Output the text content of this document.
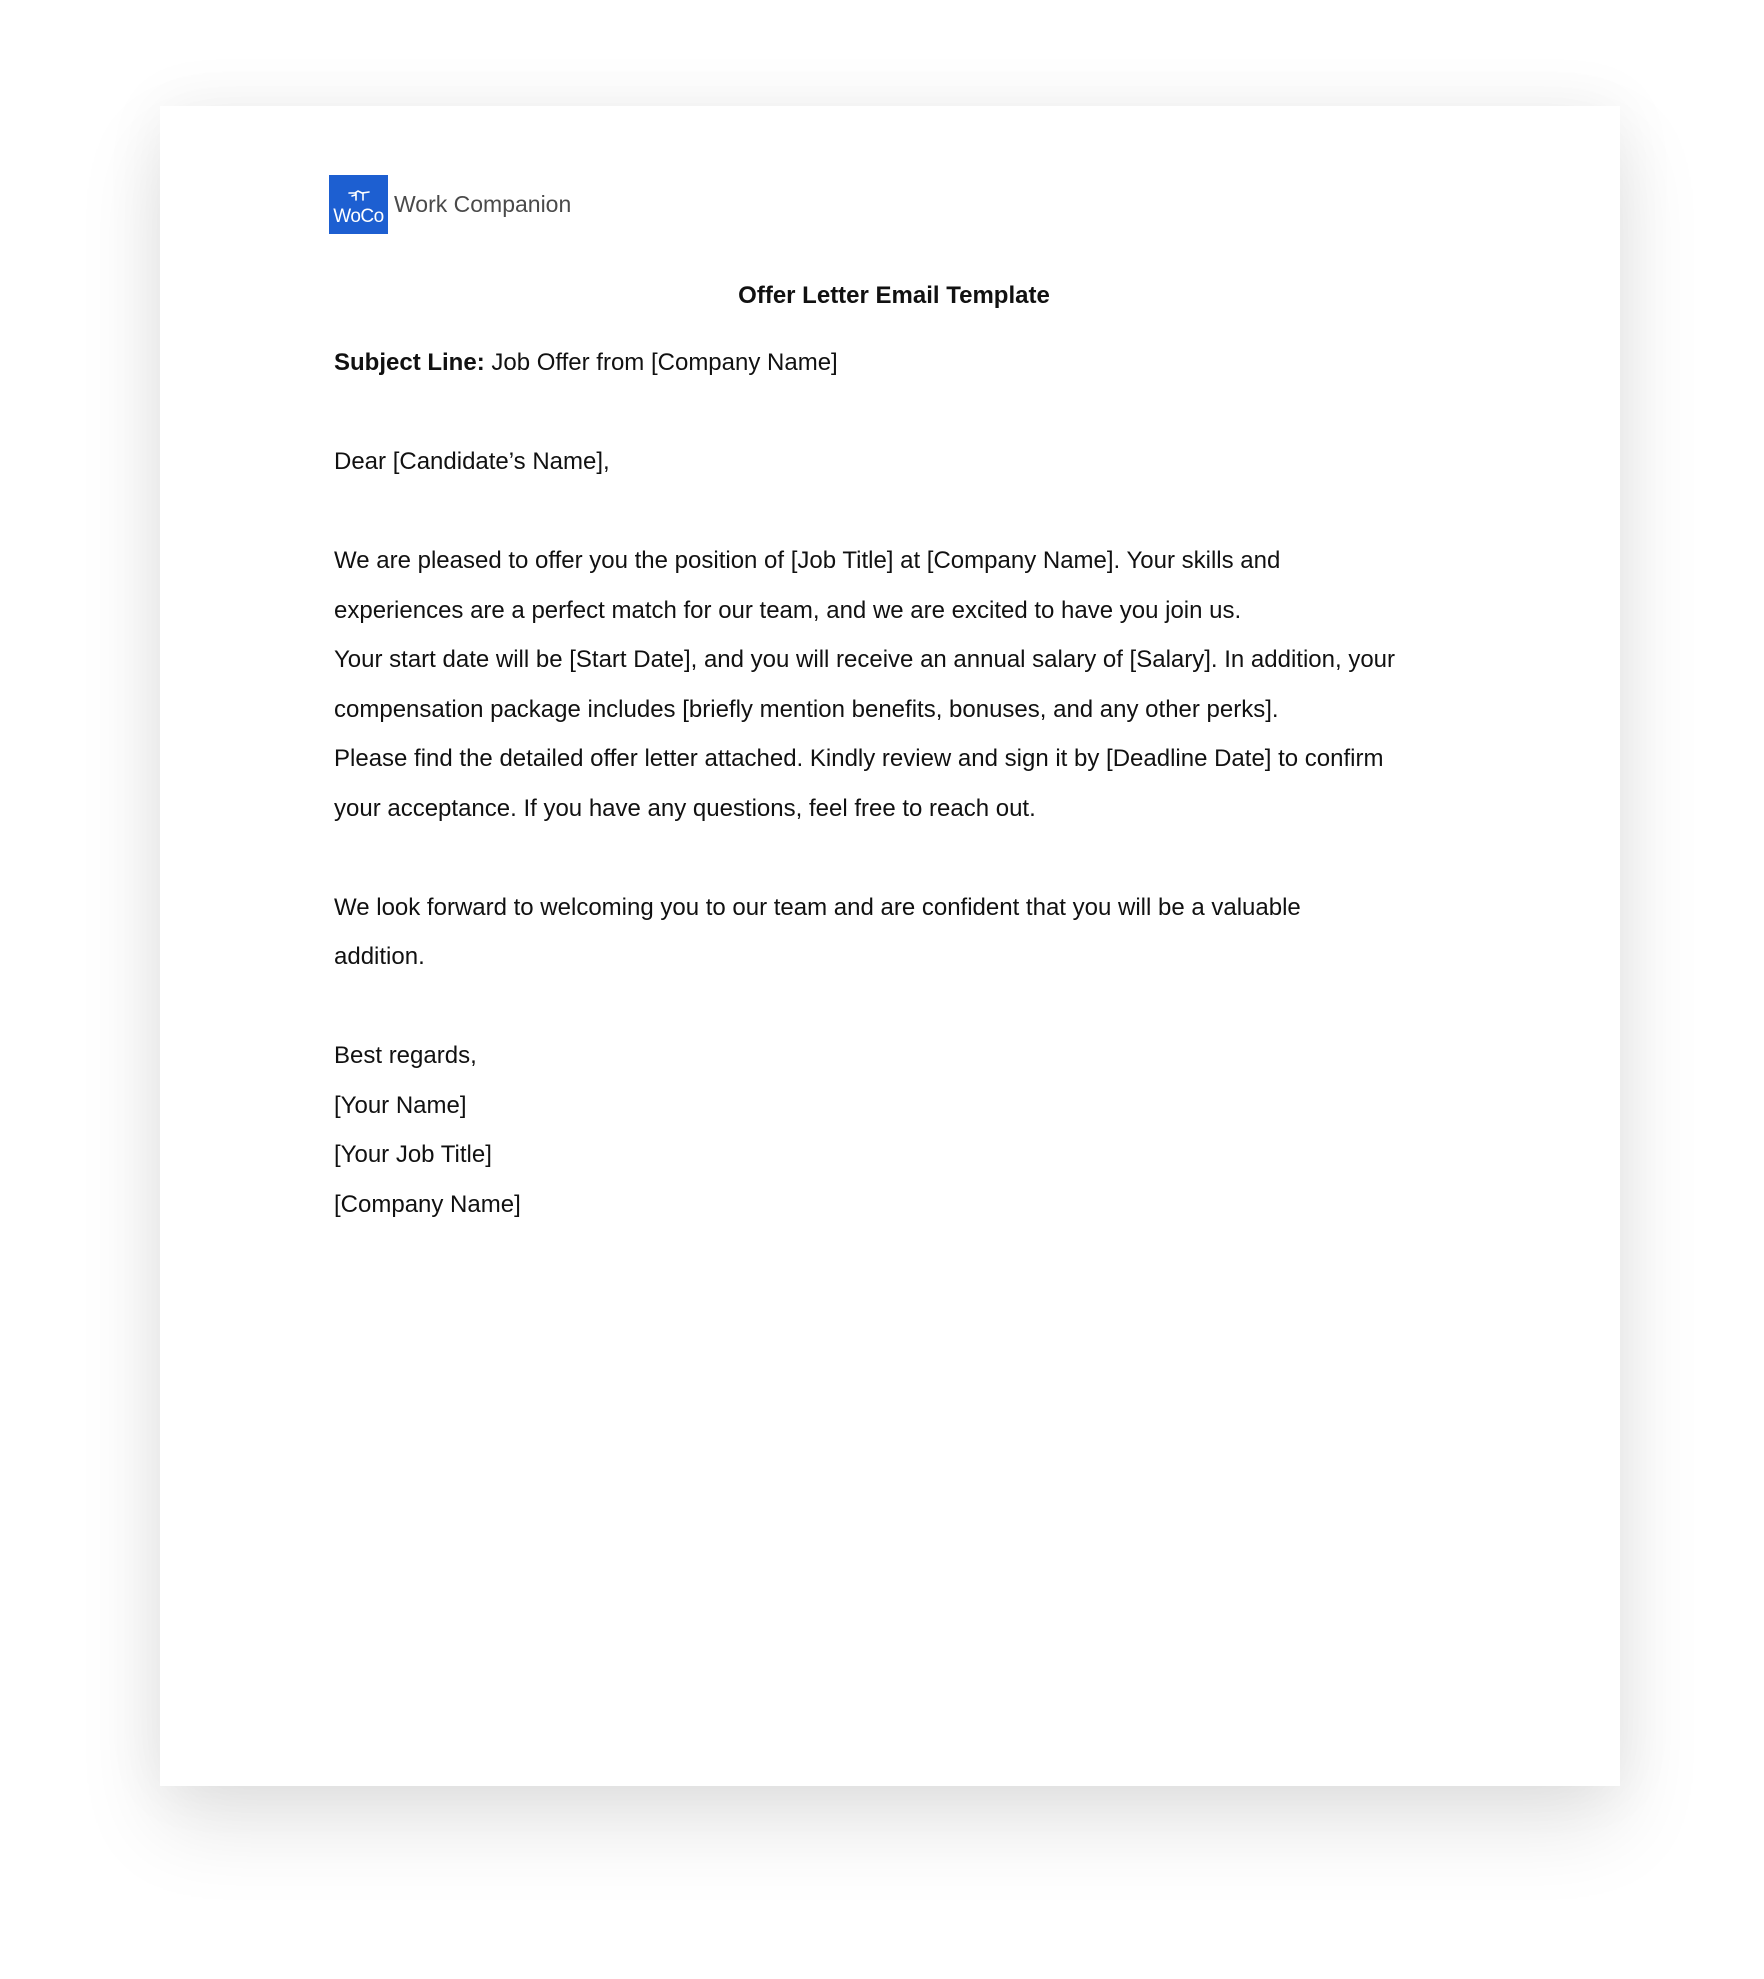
WoCo Work Companion

Offer Letter Email Template

Subject Line: Job Offer from [Company Name]

Dear [Candidate’s Name],

We are pleased to offer you the position of [Job Title] at [Company Name]. Your skills and

experiences are a perfect match for our team, and we are excited to have you join us.

Your start date will be [Start Date], and you will receive an annual salary of [Salary]. In addition, your

compensation package includes [briefly mention benefits, bonuses, and any other perks].

Please find the detailed offer letter attached. Kindly review and sign it by [Deadline Date] to confirm

your acceptance. If you have any questions, feel free to reach out.

We look forward to welcoming you to our team and are confident that you will be a valuable

addition.

Best regards,

[Your Name]

[Your Job Title]

[Company Name]
